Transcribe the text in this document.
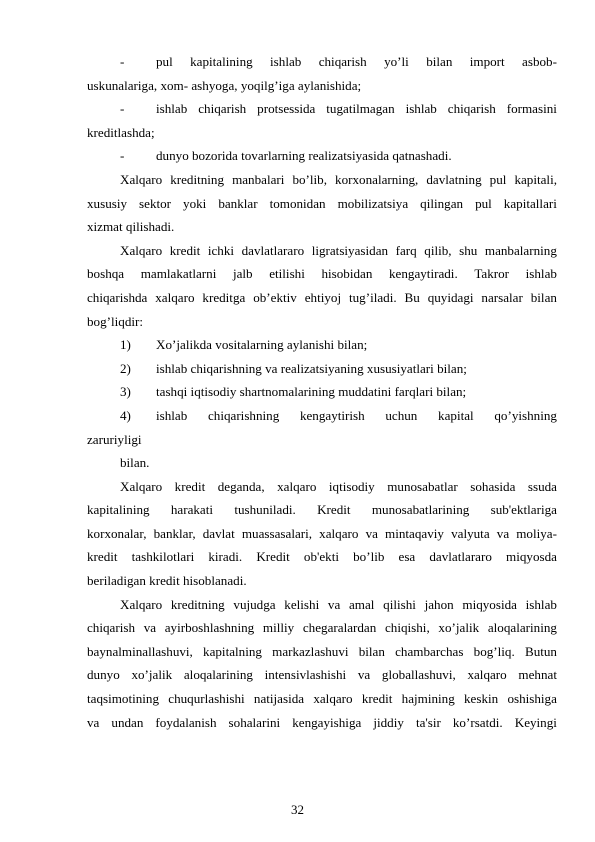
- pul kapitalining ishlab chiqarish yo’li bilan import asbob-
uskunalariga, xom- ashyoga, yoqilg’iga aylanishida;
- ishlab chiqarish protsessida tugatilmagan ishlab chiqarish formasini
kreditlashda;
- dunyo bozorida tovarlarning realizatsiyasida qatnashadi.
Xalqaro kreditning manbalari bo’lib, korxonalarning, davlatning pul kapitali,
xususiy sektor yoki banklar tomonidan mobilizatsiya qilingan pul kapitallari
xizmat qilishadi.
Xalqaro kredit ichki davlatlararo ligratsiyasidan farq qilib, shu manbalarning
boshqa mamlakatlarni jalb etilishi hisobidan kengaytiradi. Takror ishlab
chiqarishda xalqaro kreditga ob’ektiv ehtiyoj tug’iladi. Bu quyidagi narsalar bilan
bog’liqdir:
1) Xo’jalikda vositalarning aylanishi bilan;
2) ishlab chiqarishning va realizatsiyaning xususiyatlari bilan;
3) tashqi iqtisodiy shartnomalarining muddatini farqlari bilan;
4) ishlab chiqarishning kengaytirish uchun kapital qo’yishning
zaruriyligi
bilan.
Xalqaro kredit deganda, xalqaro iqtisodiy munosabatlar sohasida ssuda
kapitalining harakati tushuniladi. Kredit munosabatlarining sub'ektlariga
korxonalar, banklar, davlat muassasalari, xalqaro va mintaqaviy valyuta va moliya-
kredit tashkilotlari kiradi. Kredit ob'ekti bo’lib esa davlatlararo miqyosda
beriladigan kredit hisoblanadi.
Xalqaro kreditning vujudga kelishi va amal qilishi jahon miqyosida ishlab
chiqarish va ayirboshlashning milliy chegaralardan chiqishi, xo’jalik aloqalarining
baynalminallashuvi, kapitalning markazlashuvi bilan chambarchas bog’liq. Butun
dunyo xo’jalik aloqalarining intensivlashishi va globallashuvi, xalqaro mehnat
taqsimotining chuqurlashishi natijasida xalqaro kredit hajmining keskin oshishiga
va undan foydalanish sohalarini kengayishiga jiddiy ta'sir ko’rsatdi. Keyingi
32
